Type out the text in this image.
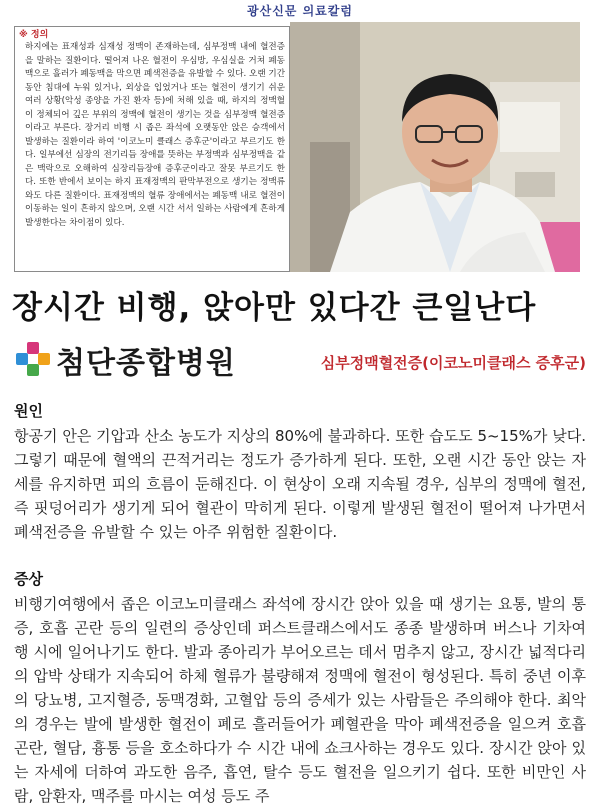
광산신문 의료칼럼
※ 정의

하지에는 표재성과 심재성 정맥이 존재하는데, 심부정맥 내에 혈전증을 말하는 질환이다. 떨어져 나온 혈전이 우심방, 우심실을 거쳐 폐동맥으로 흘러가 폐동맥을 막으면 폐색전증을 유발할 수 있다. 오랜 기간 동안 침대에 누워 있거나, 외상을 입었거나 또는 혈전이 생기기 쉬운 여러 상황(악성 종양을 가진 환자 등)에 처해 있을 때, 하지의 정맥혈이 정체되어 깊은 부위의 정맥에 혈전이 생기는 것을 심부정맥 혈전증이라고 부른다. 장거리 비행 시 좁은 좌석에 오랫동안 앉은 승객에서 발생하는 질환이라 하여 '이코노미 클래스 증후군'이라고 부르기도 한다. 일부에선 심장의 전기리듬 장애를 뜻하는 부정맥과 심부정맥을 같은 맥락으로 오해하여 심장리듬장애 증후군이라고 잘못 부르기도 한다. 또한 반에서 보이는 하지 표재정맥의 판막부전으로 생기는 정맥류와도 다른 질환이다. 표재정맥의 혈류 장애에서는 폐동맥 내로 혈전이 이동하는 일이 흔하지 않으며, 오랜 시간 서서 일하는 사람에게 흔하게 발생한다는 차이점이 있다.

장시간 비행, 앉아만 있다간 큰일난다
첨단종합병원	심부정맥혈전증(이코노미클래스 증후군)
원인

항공기 안은 기압과 산소 농도가 지상의 80%에 불과하다. 또한 습도도 5~15%가 낮다. 그렇기 때문에 혈액의 끈적거리는 정도가 증가하게 된다. 또한, 오랜 시간 동안 앉는 자세를 유지하면 피의 흐름이 둔해진다. 이 현상이 오래 지속될 경우, 심부의 정맥에 혈전, 즉 핏덩어리가 생기게 되어 혈관이 막히게 된다. 이렇게 발생된 혈전이 떨어져 나가면서 폐색전증을 유발할 수 있는 아주 위험한 질환이다.

증상

비행기여행에서 좁은 이코노미클래스 좌석에 장시간 앉아 있을 때 생기는 요통, 발의 통증, 호흡 곤란 등의 일련의 증상인데 퍼스트클래스에서도 종종 발생하며 버스나 기차여행 시에 일어나기도 한다. 발과 종아리가 부어오르는 데서 멈추지 않고, 장시간 넓적다리의 압박 상태가 지속되어 하체 혈류가 불량해져 정맥에 혈전이 형성된다. 특히 중년 이후의 당뇨병, 고지혈증, 동맥경화, 고혈압 등의 증세가 있는 사람들은 주의해야 한다. 최악의 경우는 발에 발생한 혈전이 폐로 흘러들어가 폐혈관을 막아 폐색전증을 일으켜 호흡 곤란, 혈담, 흉통 등을 호소하다가 수 시간 내에 쇼크사하는 경우도 있다. 장시간 앉아 있는 자세에 더하여 과도한 음주, 흡연, 탈수 등도 혈전을 일으키기 쉽다. 또한 비만인 사람, 암환자, 맥주를 마시는 여성 등도 주
